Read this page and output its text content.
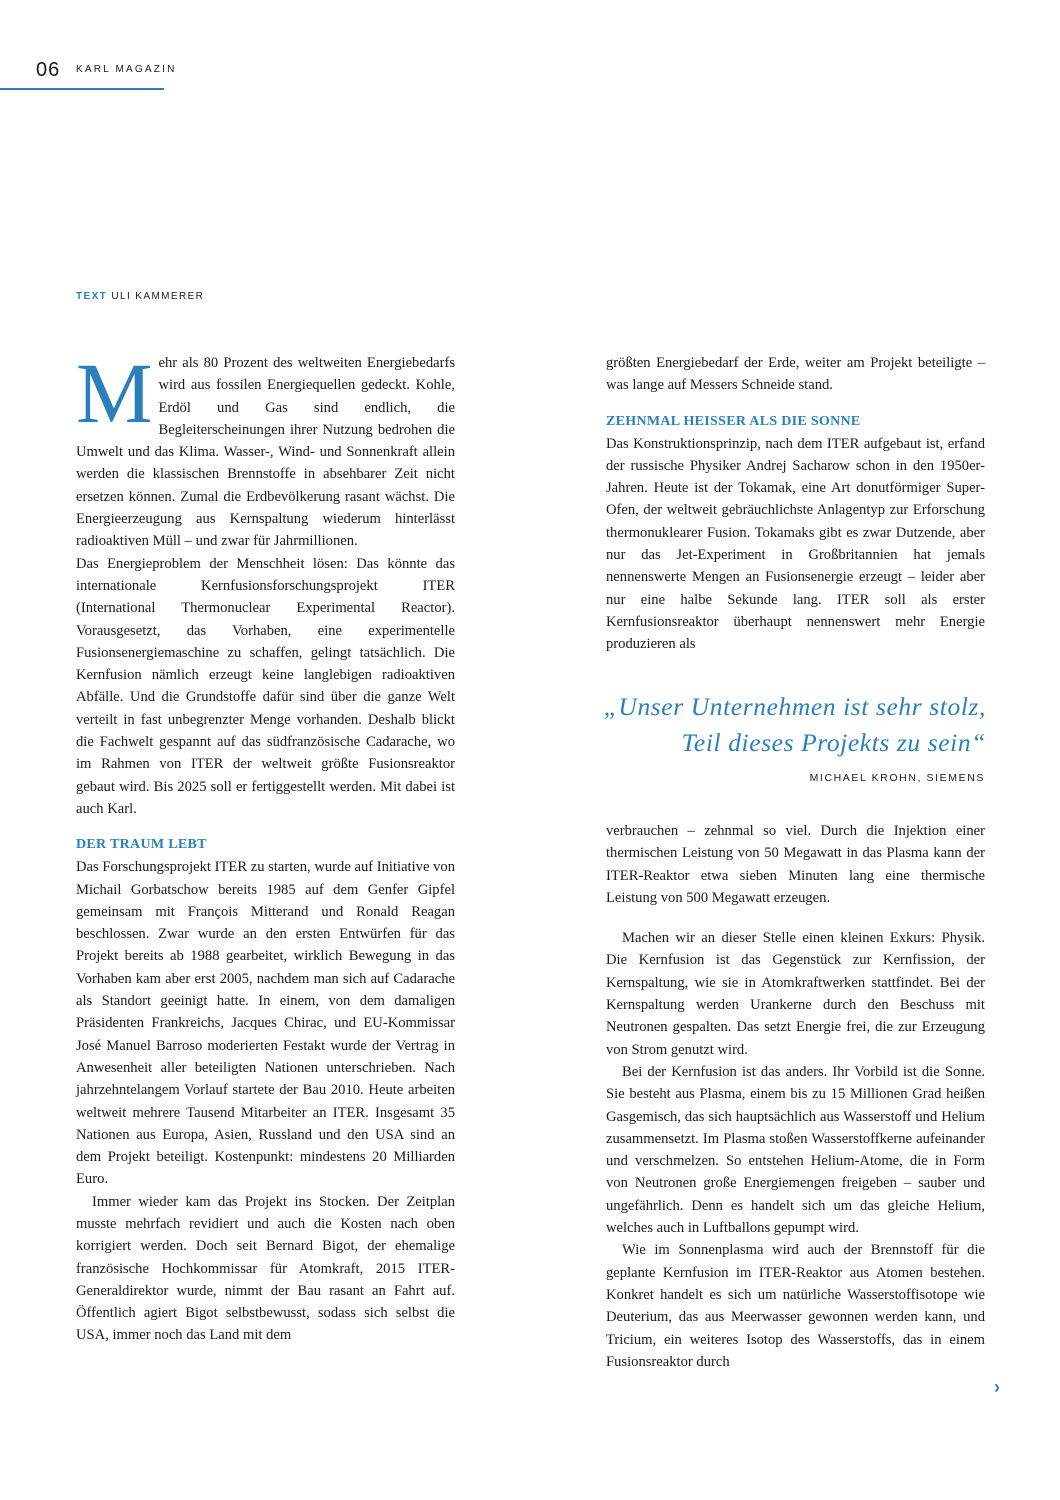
06 KARL MAGAZIN
TEXT ULI KAMMERER

Mehr als 80 Prozent des weltweiten Energiebedarfs wird aus fossilen Energiequellen gedeckt. Kohle, Erdöl und Gas sind endlich, die Begleiterscheinungen ihrer Nutzung bedrohen die Umwelt und das Klima. Wasser-, Wind- und Sonnenkraft allein werden die klassischen Brennstoffe in absehbarer Zeit nicht ersetzen können. Zumal die Erdbevölkerung rasant wächst. Die Energieerzeugung aus Kernspaltung wiederum hinterlässt radioaktiven Müll – und zwar für Jahrmillionen.

Das Energieproblem der Menschheit lösen: Das könnte das internationale Kernfusionsforschungsprojekt ITER (International Thermonuclear Experimental Reactor). Vorausgesetzt, das Vorhaben, eine experimentelle Fusionsenergiemaschine zu schaffen, gelingt tatsächlich. Die Kernfusion nämlich erzeugt keine langlebigen radioaktiven Abfälle. Und die Grundstoffe dafür sind über die ganze Welt verteilt in fast unbegrenzter Menge vorhanden. Deshalb blickt die Fachwelt gespannt auf das südfranzösische Cadarache, wo im Rahmen von ITER der weltweit größte Fusionsreaktor gebaut wird. Bis 2025 soll er fertiggestellt werden. Mit dabei ist auch Karl.

DER TRAUM LEBT

Das Forschungsprojekt ITER zu starten, wurde auf Initiative von Michail Gorbatschow bereits 1985 auf dem Genfer Gipfel gemeinsam mit François Mitterand und Ronald Reagan beschlossen. Zwar wurde an den ersten Entwürfen für das Projekt bereits ab 1988 gearbeitet, wirklich Bewegung in das Vorhaben kam aber erst 2005, nachdem man sich auf Cadarache als Standort geeinigt hatte. In einem, von dem damaligen Präsidenten Frankreichs, Jacques Chirac, und EU-Kommissar José Manuel Barroso moderierten Festakt wurde der Vertrag in Anwesenheit aller beteiligten Nationen unterschrieben. Nach jahrzehntelangem Vorlauf startete der Bau 2010. Heute arbeiten weltweit mehrere Tausend Mitarbeiter an ITER. Insgesamt 35 Nationen aus Europa, Asien, Russland und den USA sind an dem Projekt beteiligt. Kostenpunkt: mindestens 20 Milliarden Euro.

Immer wieder kam das Projekt ins Stocken. Der Zeitplan musste mehrfach revidiert und auch die Kosten nach oben korrigiert werden. Doch seit Bernard Bigot, der ehemalige französische Hochkommissar für Atomkraft, 2015 ITER-Generaldirektor wurde, nimmt der Bau rasant an Fahrt auf. Öffentlich agiert Bigot selbstbewusst, sodass sich selbst die USA, immer noch das Land mit dem

größten Energiebedarf der Erde, weiter am Projekt beteiligte – was lange auf Messers Schneide stand.

ZEHNMAL HEISSER ALS DIE SONNE

Das Konstruktionsprinzip, nach dem ITER aufgebaut ist, erfand der russische Physiker Andrej Sacharow schon in den 1950er-Jahren. Heute ist der Tokamak, eine Art donutförmiger Super-Ofen, der weltweit gebräuchlichste Anlagentyp zur Erforschung thermonuklearer Fusion. Tokamaks gibt es zwar Dutzende, aber nur das Jet-Experiment in Großbritannien hat jemals nennenswerte Mengen an Fusionsenergie erzeugt – leider aber nur eine halbe Sekunde lang. ITER soll als erster Kernfusionsreaktor überhaupt nennenswert mehr Energie produzieren als

„Unser Unternehmen ist sehr stolz,
Teil dieses Projekts zu sein“
MICHAEL KROHN, SIEMENS

verbrauchen – zehnmal so viel. Durch die Injektion einer thermischen Leistung von 50 Megawatt in das Plasma kann der ITER-Reaktor etwa sieben Minuten lang eine thermische Leistung von 500 Megawatt erzeugen.

Machen wir an dieser Stelle einen kleinen Exkurs: Physik. Die Kernfusion ist das Gegenstück zur Kernfission, der Kernspaltung, wie sie in Atomkraftwerken stattfindet. Bei der Kernspaltung werden Urankerne durch den Beschuss mit Neutronen gespalten. Das setzt Energie frei, die zur Erzeugung von Strom genutzt wird.

Bei der Kernfusion ist das anders. Ihr Vorbild ist die Sonne. Sie besteht aus Plasma, einem bis zu 15 Millionen Grad heißen Gasgemisch, das sich hauptsächlich aus Wasserstoff und Helium zusammensetzt. Im Plasma stoßen Wasserstoffkerne aufeinander und verschmelzen. So entstehen Helium-Atome, die in Form von Neutronen große Energiemengen freigeben – sauber und ungefährlich. Denn es handelt sich um das gleiche Helium, welches auch in Luftballons gepumpt wird.

Wie im Sonnenplasma wird auch der Brennstoff für die geplante Kernfusion im ITER-Reaktor aus Atomen bestehen. Konkret handelt es sich um natürliche Wasserstoffisotope wie Deuterium, das aus Meerwasser gewonnen werden kann, und Tricium, ein weiteres Isotop des Wasserstoffs, das in einem Fusionsreaktor durch

›
